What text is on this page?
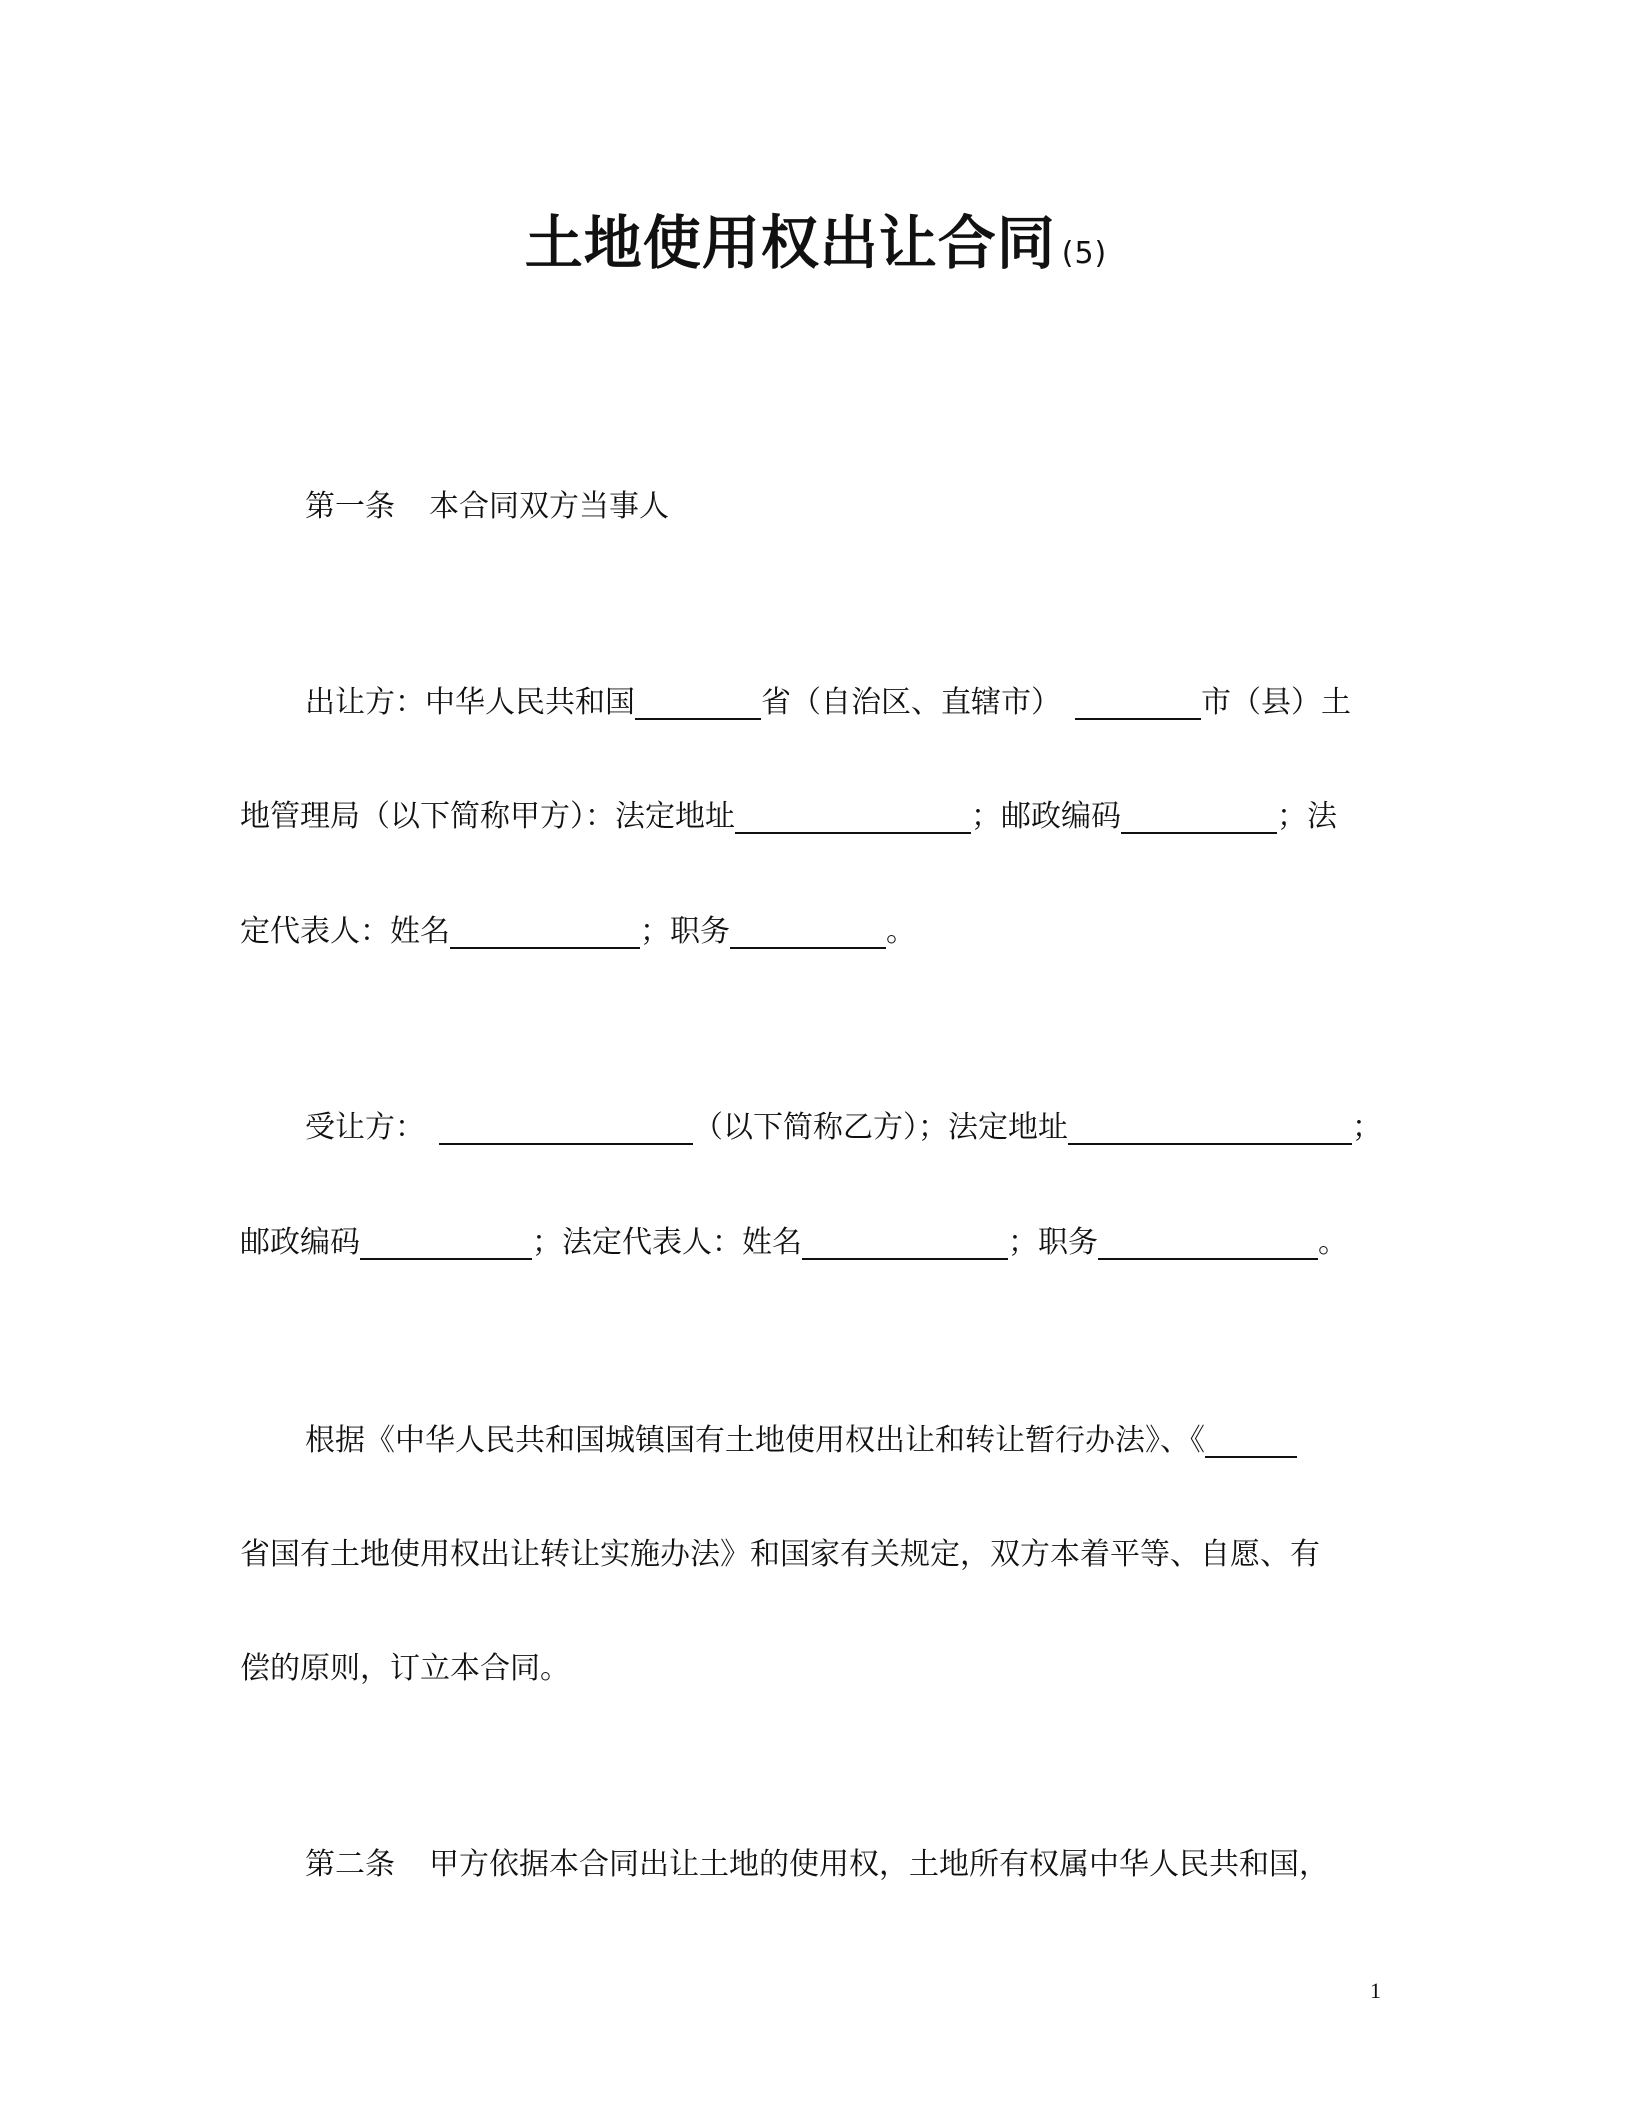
土地使用权出让合同 (5)
第一条 本合同双方当事人
出让方：中华人民共和国	省（自治区、直辖市）	市（县）土
地管理局（以下简称甲方）：法定地址	；邮政编码	；法
定代表人：姓名	；职务	。
受让方：	（以下简称乙方）；法定地址	；
邮政编码	；法定代表人：姓名	；职务	。
根据《中华人民共和国城镇国有土地使用权出让和转让暂行办法》、《
省国有土地使用权出让转让实施办法》和国家有关规定，双方本着平等、自愿、有
偿的原则，订立本合同。
第二条 甲方依据本合同出让土地的使用权，土地所有权属中华人民共和国，
1
